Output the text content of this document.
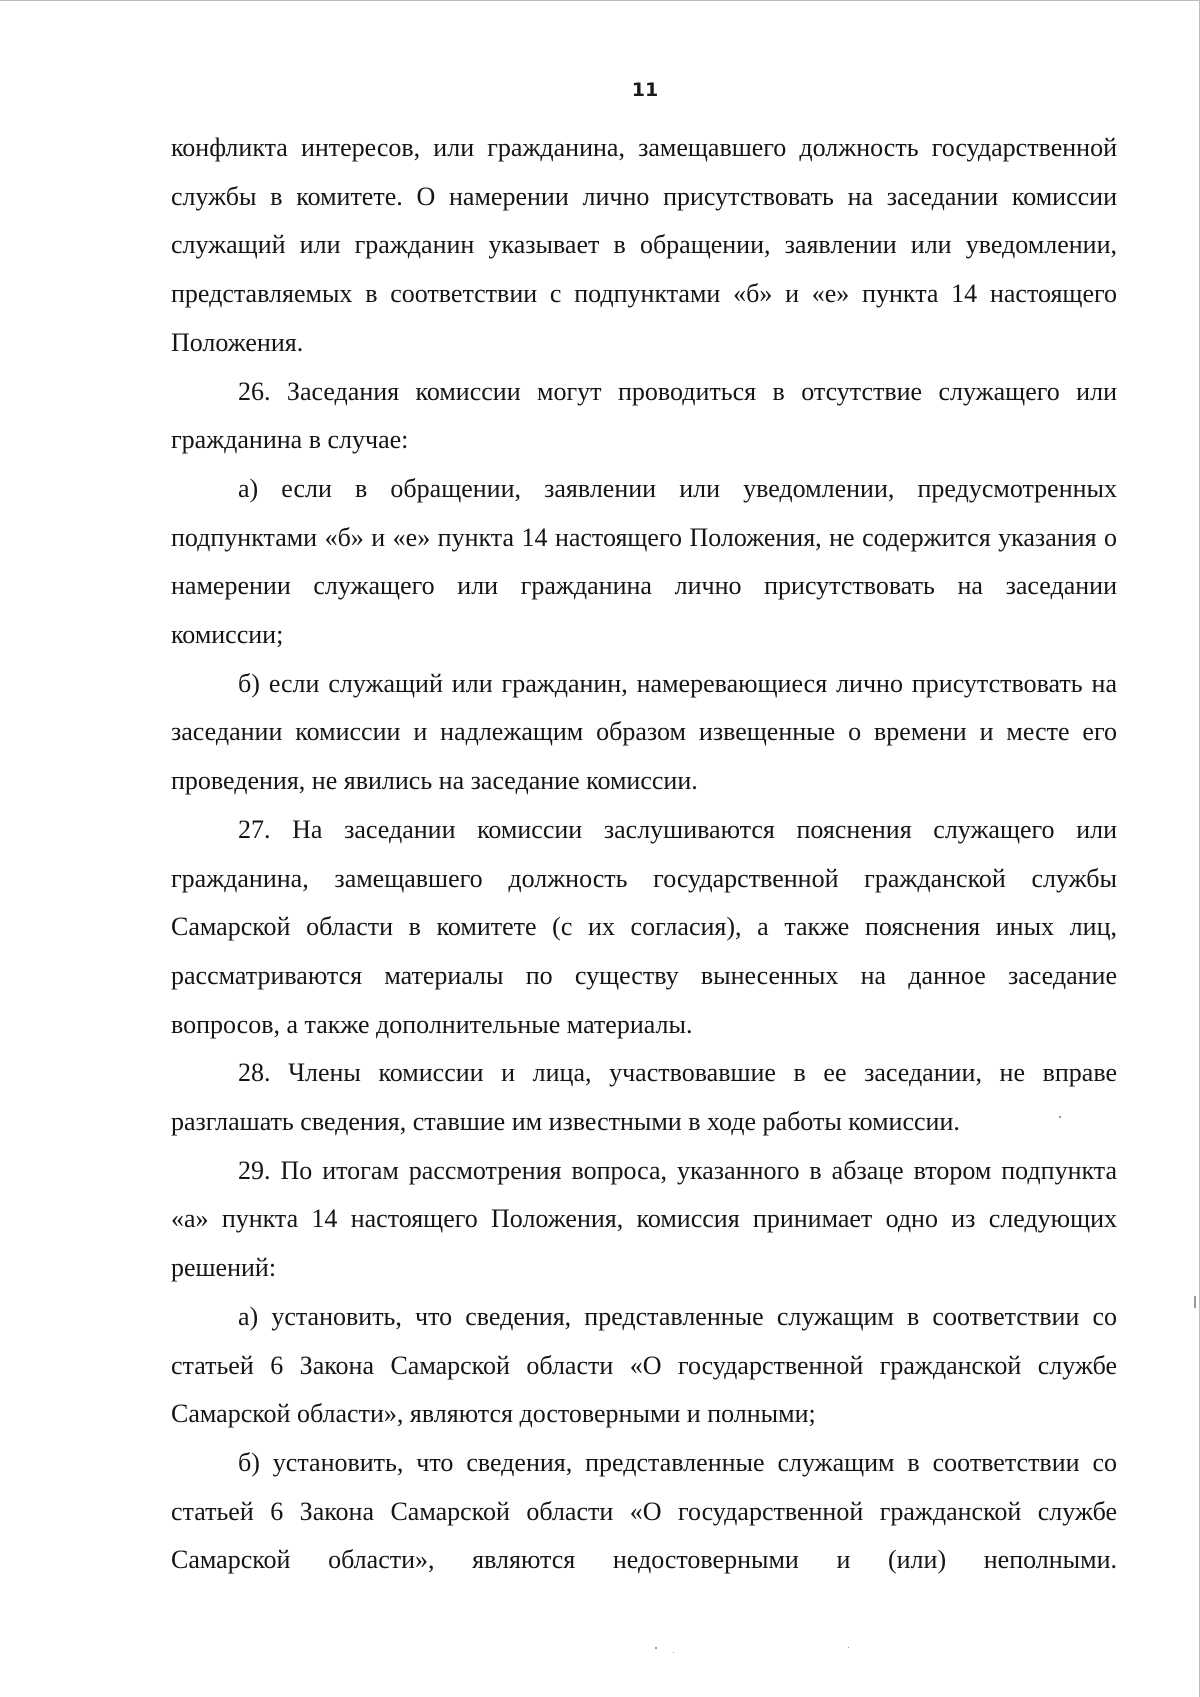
11

конфликта интересов, или гражданина, замещавшего должность государственной службы в комитете. О намерении лично присутствовать на заседании комиссии служащий или гражданин указывает в обращении, заявлении или уведомлении, представляемых в соответствии с подпунктами «б» и «е» пункта 14 настоящего Положения.

26. Заседания комиссии могут проводиться в отсутствие служащего или гражданина в случае:

а) если в обращении, заявлении или уведомлении, предусмотренных подпунктами «б» и «е» пункта 14 настоящего Положения, не содержится указания о намерении служащего или гражданина лично присутствовать на заседании комиссии;

б) если служащий или гражданин, намеревающиеся лично присутствовать на заседании комиссии и надлежащим образом извещенные о времени и месте его проведения, не явились на заседание комиссии.

27. На заседании комиссии заслушиваются пояснения служащего или гражданина, замещавшего должность государственной гражданской службы Самарской области в комитете (с их согласия), а также пояснения иных лиц, рассматриваются материалы по существу вынесенных на данное заседание вопросов, а также дополнительные материалы.

28. Члены комиссии и лица, участвовавшие в ее заседании, не вправе разглашать сведения, ставшие им известными в ходе работы комиссии.

29. По итогам рассмотрения вопроса, указанного в абзаце втором подпункта «а» пункта 14 настоящего Положения, комиссия принимает одно из следующих решений:

а) установить, что сведения, представленные служащим в соответствии со статьей 6 Закона Самарской области «О государственной гражданской службе Самарской области», являются достоверными и полными;

б) установить, что сведения, представленные служащим в соответствии со статьей 6 Закона Самарской области «О государственной гражданской службе Самарской области», являются недостоверными и (или) неполными.
